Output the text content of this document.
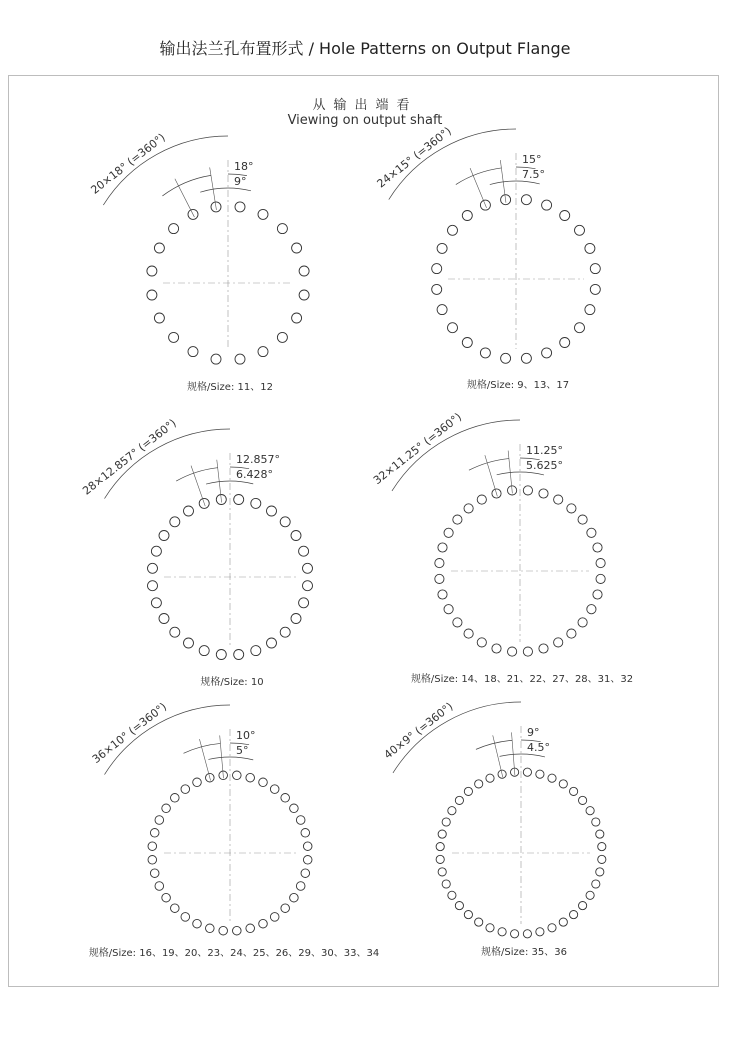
输出法兰孔布置形式 / Hole Patterns on Output Flange
从输出端看
Viewing on output shaft
18°
9°
20×18° (=360°)
规格/Size: 11、12
15°
7.5°
24×15° (=360°)
规格/Size: 9、13、17
12.857°
6.428°
28×12.857° (=360°)
规格/Size: 10
11.25°
5.625°
32×11.25° (=360°)
规格/Size: 14、18、21、22、27、28、31、32
10°
5°
36×10° (=360°)
规格/Size: 16、19、20、23、24、25、26、29、30、33、34
9°
4.5°
40×9° (=360°)
规格/Size: 35、36
